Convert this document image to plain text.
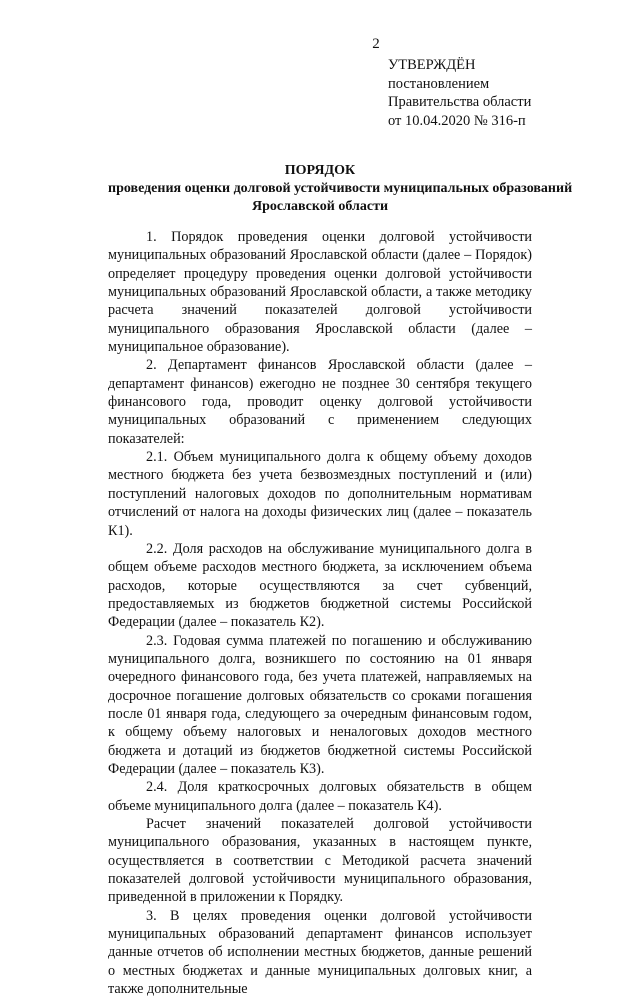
2
УТВЕРЖДЁН
постановлением
Правительства области
от 10.04.2020 № 316-п
ПОРЯДОК
проведения оценки долговой устойчивости муниципальных образований
Ярославской области

1. Порядок проведения оценки долговой устойчивости муниципальных образований Ярославской области (далее – Порядок) определяет процедуру проведения оценки долговой устойчивости муниципальных образований Ярославской области, а также методику расчета значений показателей долговой устойчивости муниципального образования Ярославской области (далее – муниципальное образование).

2. Департамент финансов Ярославской области (далее – департамент финансов) ежегодно не позднее 30 сентября текущего финансового года, проводит оценку долговой устойчивости муниципальных образований с применением следующих показателей:

2.1. Объем муниципального долга к общему объему доходов местного бюджета без учета безвозмездных поступлений и (или) поступлений налоговых доходов по дополнительным нормативам отчислений от налога на доходы физических лиц (далее – показатель К1).

2.2. Доля расходов на обслуживание муниципального долга в общем объеме расходов местного бюджета, за исключением объема расходов, которые осуществляются за счет субвенций, предоставляемых из бюджетов бюджетной системы Российской Федерации (далее – показатель К2).

2.3. Годовая сумма платежей по погашению и обслуживанию муниципального долга, возникшего по состоянию на 01 января очередного финансового года, без учета платежей, направляемых на досрочное погашение долговых обязательств со сроками погашения после 01 января года, следующего за очередным финансовым годом, к общему объему налоговых и неналоговых доходов местного бюджета и дотаций из бюджетов бюджетной системы Российской Федерации (далее – показатель К3).

2.4. Доля краткосрочных долговых обязательств в общем объеме муниципального долга (далее – показатель К4).

Расчет значений показателей долговой устойчивости муниципального образования, указанных в настоящем пункте, осуществляется в соответствии с Методикой расчета значений показателей долговой устойчивости муниципального образования, приведенной в приложении к Порядку.

3. В целях проведения оценки долговой устойчивости муниципальных образований департамент финансов использует данные отчетов об исполнении местных бюджетов, данные решений о местных бюджетах и данные муниципальных долговых книг, а также дополнительные
